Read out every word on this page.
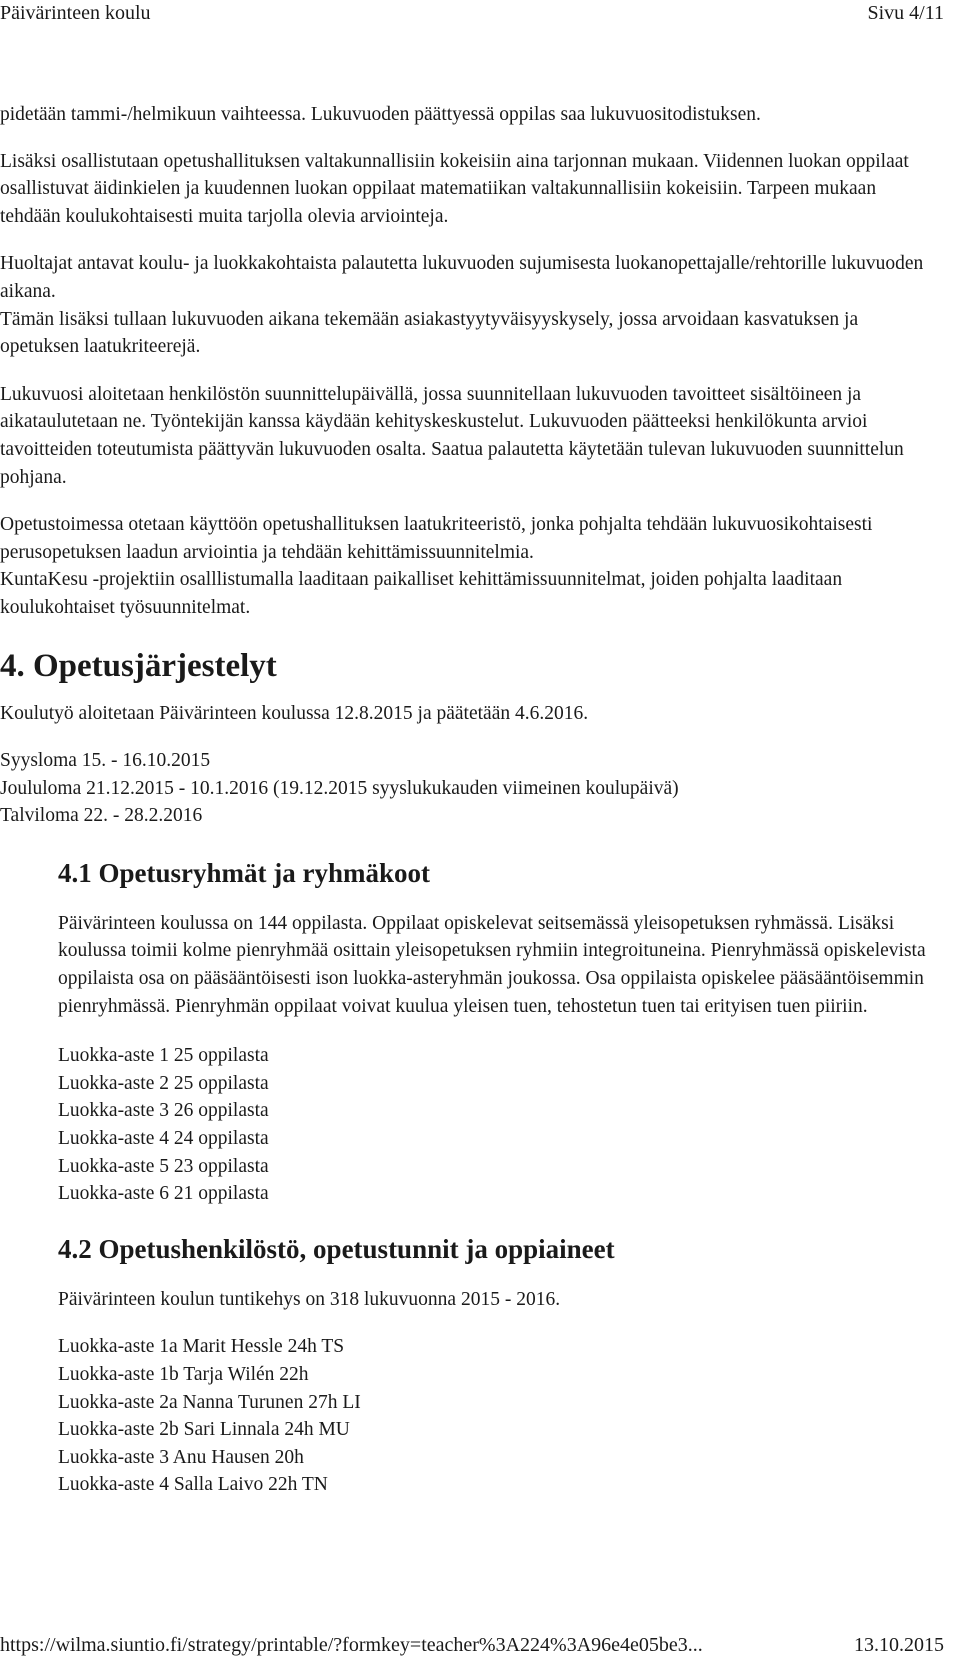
Päivärinteen koulu	Sivu 4/11

pidetään tammi-/helmikuun vaihteessa. Lukuvuoden päättyessä oppilas saa lukuvuositodistuksen.

Lisäksi osallistutaan opetushallituksen valtakunnallisiin kokeisiin aina tarjonnan mukaan. Viidennen luokan oppilaat osallistuvat äidinkielen ja kuudennen luokan oppilaat matematiikan valtakunnallisiin kokeisiin. Tarpeen mukaan tehdään koulukohtaisesti muita tarjolla olevia arviointeja.

Huoltajat antavat koulu- ja luokkakohtaista palautetta lukuvuoden sujumisesta luokanopettajalle/rehtorille lukuvuoden aikana.

Tämän lisäksi tullaan lukuvuoden aikana tekemään asiakastyytyväisyyskysely, jossa arvoidaan kasvatuksen ja opetuksen laatukriteerejä.

Lukuvuosi aloitetaan henkilöstön suunnittelupäivällä, jossa suunnitellaan lukuvuoden tavoitteet sisältöineen ja aikataulutetaan ne. Työntekijän kanssa käydään kehityskeskustelut. Lukuvuoden päätteeksi henkilökunta arvioi tavoitteiden toteutumista päättyvän lukuvuoden osalta. Saatua palautetta käytetään tulevan lukuvuoden suunnittelun pohjana.

Opetustoimessa otetaan käyttöön opetushallituksen laatukriteeristö, jonka pohjalta tehdään lukuvuosikohtaisesti perusopetuksen laadun arviointia ja tehdään kehittämissuunnitelmia.

KuntaKesu -projektiin osalllistumalla laaditaan paikalliset kehittämissuunnitelmat, joiden pohjalta laaditaan koulukohtaiset työsuunnitelmat.

4. Opetusjärjestelyt

Koulutyö aloitetaan Päivärinteen koulussa 12.8.2015 ja päätetään 4.6.2016.

Syysloma 15. - 16.10.2015
Joululoma 21.12.2015 - 10.1.2016 (19.12.2015 syyslukukauden viimeinen koulupäivä)
Talviloma 22. - 28.2.2016
4.1 Opetusryhmät ja ryhmäkoot

Päivärinteen koulussa on 144 oppilasta. Oppilaat opiskelevat seitsemässä yleisopetuksen ryhmässä. Lisäksi koulussa toimii kolme pienryhmää osittain yleisopetuksen ryhmiin integroituneina. Pienryhmässä opiskelevista oppilaista osa on pääsääntöisesti ison luokka-asteryhmän joukossa. Osa oppilaista opiskelee pääsääntöisemmin pienryhmässä. Pienryhmän oppilaat voivat kuulua yleisen tuen, tehostetun tuen tai erityisen tuen piiriin.

Luokka-aste 1 25 oppilasta
Luokka-aste 2 25 oppilasta
Luokka-aste 3 26 oppilasta
Luokka-aste 4 24 oppilasta
Luokka-aste 5 23 oppilasta
Luokka-aste 6 21 oppilasta
4.2 Opetushenkilöstö, opetustunnit ja oppiaineet

Päivärinteen koulun tuntikehys on 318 lukuvuonna 2015 - 2016.

Luokka-aste 1a Marit Hessle 24h TS
Luokka-aste 1b Tarja Wilén 22h
Luokka-aste 2a Nanna Turunen 27h LI
Luokka-aste 2b Sari Linnala 24h MU
Luokka-aste 3 Anu Hausen 20h
Luokka-aste 4 Salla Laivo 22h TN
https://wilma.siuntio.fi/strategy/printable/?formkey=teacher%3A224%3A96e4e05be3...	13.10.2015
